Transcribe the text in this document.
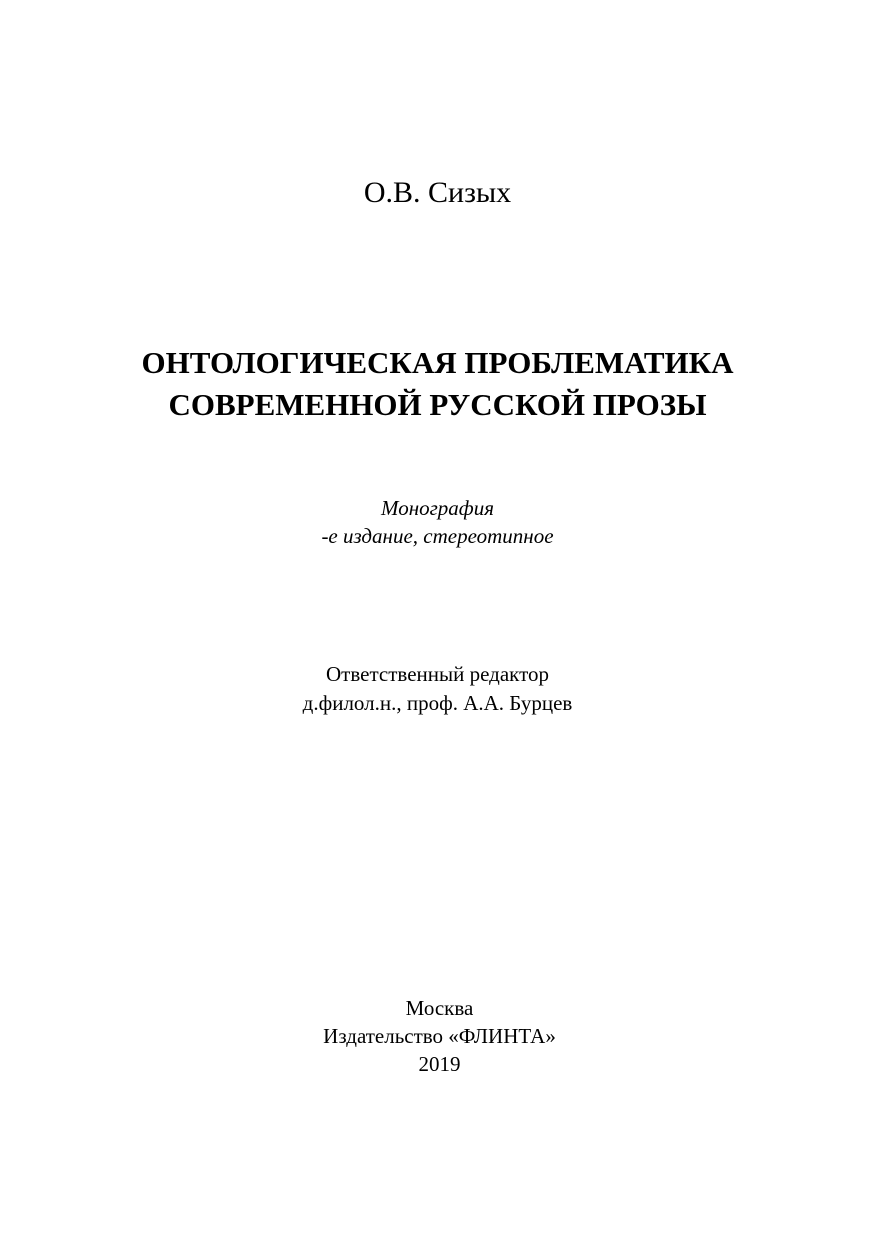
О.В. Сизых
ОНТОЛОГИЧЕСКАЯ ПРОБЛЕМАТИКА
СОВРЕМЕННОЙ РУССКОЙ ПРОЗЫ
Монография
-е издание, стереотипное
Ответственный редактор
д.филол.н., проф. А.А. Бурцев
Москва
Издательство «ФЛИНТА»
2019
